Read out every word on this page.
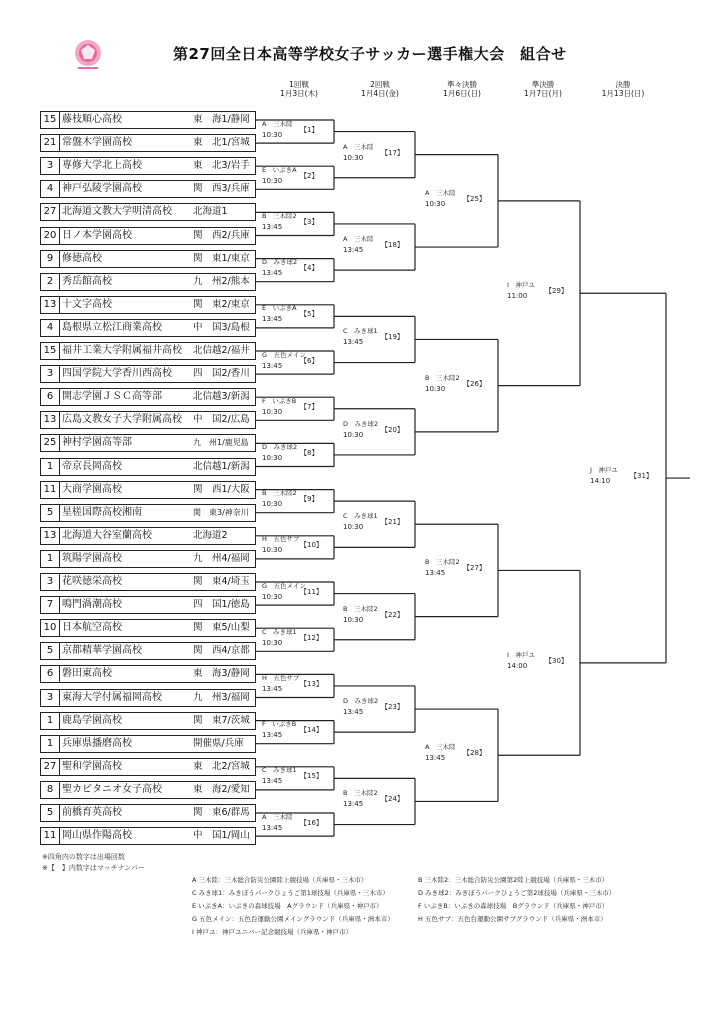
第27回全日本高等学校女子サッカー選手権大会　組合せ
1回戦
1月3日(木)
2回戦
1月4日(金)
準々決勝
1月6日(日)
準決勝
1月7日(月)
決勝
1月13日(日)
15 藤枝順心高校	東　海1/静岡
21 常盤木学園高校	東　北1/宮城
3 専修大学北上高校	東　北3/岩手
4 神戸弘陵学園高校	関　西3/兵庫
27 北海道文教大学明清高校 北海道1
20 日ノ本学園高校	関　西2/兵庫
9 修徳高校	関　東1/東京
2 秀岳館高校	九　州2/熊本
13 十文字高校	関　東2/東京
4 島根県立松江商業高校	中　国3/島根
15 福井工業大学附属福井高校 北信越2/福井
3 四国学院大学香川西高校 四　国2/香川
6 開志学園ＪＳＣ高等部	北信越3/新潟
13 広島文教女子大学附属高校 中　国2/広島
25 神村学園高等部	九　州1/鹿児島
1 帝京長岡高校	北信越1/新潟
11 大商学園高校	関　西1/大阪
5 星槎国際高校湘南	関　東3/神奈川
13 北海道大谷室蘭高校	北海道2
1 筑陽学園高校	九　州4/福岡
3 花咲徳栄高校	関　東4/埼玉
7 鳴門渦潮高校	四　国1/徳島
10 日本航空高校	関　東5/山梨
5 京都精華学園高校	関　西4/京都
6 磐田東高校	東　海3/静岡
3 東海大学付属福岡高校	九　州3/福岡
1 鹿島学園高校	関　東7/茨城
1 兵庫県播磨高校	開催県/兵庫
27 聖和学園高校	東　北2/宮城
8 聖カピタニオ女子高校	東　海2/愛知
5 前橋育英高校	関　東6/群馬
11 岡山県作陽高校	中　国1/岡山
A　三木陸
10:30
【1】
E　いぶきA
10:30
【2】
B　三木陸2
13:45
【3】
D　みき球2
13:45
【4】
E　いぶきA
13:45
【5】
G　五色メイン
13:45
【6】
F　いぶきB
10:30
【7】
D　みき球2
10:30
【8】
B　三木陸2
10:30
【9】
H　五色サブ
10:30
【10】
G　五色メイン
10:30
【11】
C　みき球1
10:30
【12】
H　五色サブ
13:45
【13】
F　いぶきB
13:45
【14】
C　みき球1
13:45
【15】
A　三木陸
13:45
【16】
A　三木陸
10:30
【17】
A　三木陸
13:45
【18】
C　みき球1
13:45
【19】
D　みき球2
10:30
【20】
C　みき球1
10:30
【21】
B　三木陸2
10:30
【22】
D　みき球2
13:45
【23】
B　三木陸2
13:45
【24】
A　三木陸
10:30
【25】
B　三木陸2
10:30
【26】
B　三木陸2
13:45
【27】
A　三木陸
13:45
【28】
I　神戸ユ
11:00
【29】
I　神戸ユ
14:00
【30】
J　神戸ユ
14:10
【31】
※四角内の数字は出場回数
※【　】内数字はマッチナンバー
A 三木陸：三木総合防災公園陸上競技場（兵庫県・三木市）	B 三木陸2：三木総合防災公園第2陸上競技場（兵庫県・三木市）
C みき球1：みきぼうパークひょうご第1球技場（兵庫県・三木市）	D みき球2：みきぼうパークひょうご第2球技場（兵庫県・三木市）
E いぶきA：いぶきの森球技場　Aグラウンド（兵庫県・神戸市）	F いぶきB：いぶきの森球技場　Bグラウンド（兵庫県・神戸市）
G 五色メイン：五色台運動公園メイングラウンド（兵庫県・洲本市）	H 五色サブ：五色台運動公園サブグラウンド（兵庫県・洲本市）
I 神戸ユ：神戸ユニバー記念競技場（兵庫県・神戸市）
